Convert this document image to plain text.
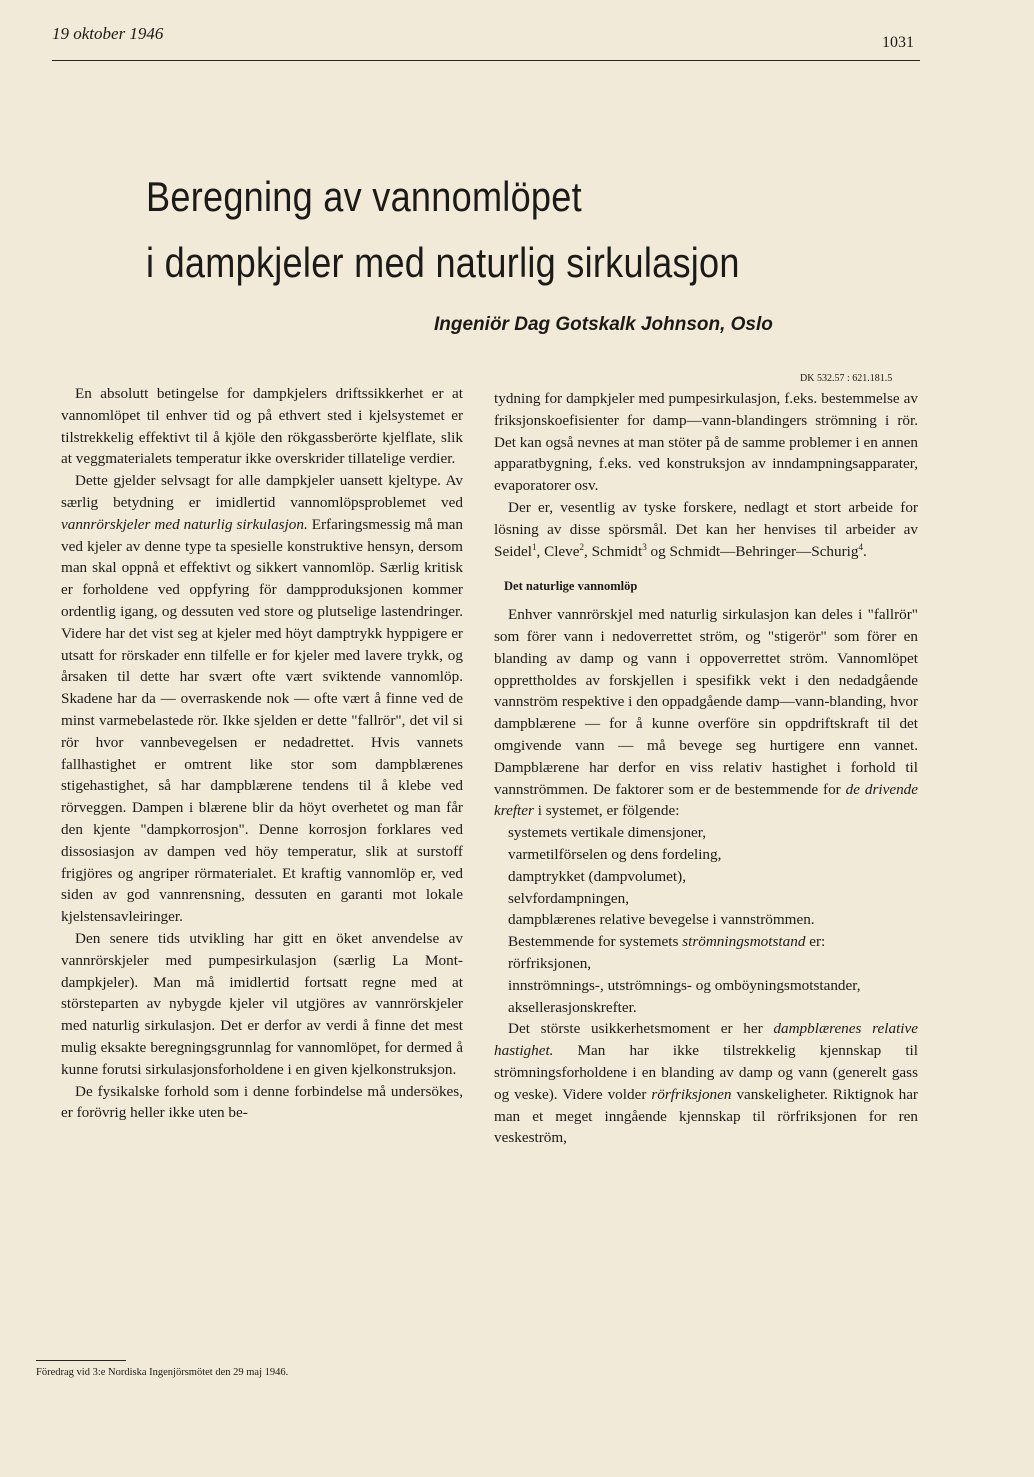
19 oktober 1946	1031
Beregning av vannomlöpet
i dampkjeler med naturlig sirkulasjon
Ingeniör Dag Gotskalk Johnson, Oslo
DK 532.57 : 621.181.5

En absolutt betingelse for dampkjelers driftssikkerhet er at vannomlöpet til enhver tid og på ethvert sted i kjelsystemet er tilstrekkelig effektivt til å kjöle den rökgassberörte kjelflate, slik at veggmaterialets temperatur ikke overskrider tillatelige verdier.

Dette gjelder selvsagt for alle dampkjeler uansett kjeltype. Av særlig betydning er imidlertid vannomlöpsproblemet ved vannrörskjeler med naturlig sirkulasjon. Erfaringsmessig må man ved kjeler av denne type ta spesielle konstruktive hensyn, dersom man skal oppnå et effektivt og sikkert vannomlöp. Særlig kritisk er forholdene ved oppfyring för dampproduksjonen kommer ordentlig igang, og dessuten ved store og plutselige lastendringer. Videre har det vist seg at kjeler med höyt damptrykk hyppigere er utsatt for rörskader enn tilfelle er for kjeler med lavere trykk, og årsaken til dette har svært ofte vært sviktende vannomlöp. Skadene har da — overraskende nok — ofte vært å finne ved de minst varmebelastede rör. Ikke sjelden er dette "fallrör", det vil si rör hvor vannbevegelsen er nedadrettet. Hvis vannets fallhastighet er omtrent like stor som dampblærenes stigehastighet, så har dampblærene tendens til å klebe ved rörveggen. Dampen i blærene blir da höyt overhetet og man får den kjente "dampkorrosjon". Denne korrosjon forklares ved dissosiasjon av dampen ved höy temperatur, slik at surstoff frigjöres og angriper rörmaterialet. Et kraftig vannomlöp er, ved siden av god vannrensning, dessuten en garanti mot lokale kjelstensavleiringer.

Den senere tids utvikling har gitt en öket anvendelse av vannrörskjeler med pumpesirkulasjon (særlig La Mont-dampkjeler). Man må imidlertid fortsatt regne med at störsteparten av nybygde kjeler vil utgjöres av vannrörskjeler med naturlig sirkulasjon. Det er derfor av verdi å finne det mest mulig eksakte beregningsgrunnlag for vannomlöpet, for dermed å kunne forutsi sirkulasjonsforholdene i en given kjelkonstruksjon.

De fysikalske forhold som i denne forbindelse må undersökes, er forövrig heller ikke uten be-

tydning for dampkjeler med pumpesirkulasjon, f.eks. bestemmelse av friksjonskoefisienter for damp—vann-blandingers strömning i rör. Det kan også nevnes at man stöter på de samme problemer i en annen apparatbygning, f.eks. ved konstruksjon av inndampningsapparater, evaporatorer osv.

Der er, vesentlig av tyske forskere, nedlagt et stort arbeide for lösning av disse spörsmål. Det kan her henvises til arbeider av Seidel$^1$, Cleve$^2$, Schmidt$^3$ og Schmidt—Behringer—Schurig$^4$.

Det naturlige vannomlöp

Enhver vannrörskjel med naturlig sirkulasjon kan deles i "fallrör" som förer vann i nedoverrettet ström, og "stigerör" som förer en blanding av damp og vann i oppoverrettet ström. Vannomlöpet opprettholdes av forskjellen i spesifikk vekt i den nedadgående vannström respektive i den oppadgående damp—vann-blanding, hvor dampblærene — for å kunne overföre sin oppdriftskraft til det omgivende vann — må bevege seg hurtigere enn vannet. Dampblærene har derfor en viss relativ hastighet i forhold til vannströmmen. De faktorer som er de bestemmende for de drivende krefter i systemet, er fölgende:

systemets vertikale dimensjoner,

varmetilförselen og dens fordeling,

damptrykket (dampvolumet),

selvfordampningen,

dampblærenes relative bevegelse i vannströmmen.

Bestemmende for systemets strömningsmotstand er:

rörfriksjonen,

innströmnings-, utströmnings- og omböyningsmotstander,

aksellerasjonskrefter.

Det störste usikkerhetsmoment er her dampblærenes relative hastighet. Man har ikke tilstrekkelig kjennskap til strömningsforholdene i en blanding av damp og vann (generelt gass og veske). Videre volder rörfriksjonen vanskeligheter. Riktignok har man et meget inngående kjennskap til rörfriksjonen for ren veskeström,

Föredrag vid 3:e Nordiska Ingenjörsmötet den 29 maj 1946.
